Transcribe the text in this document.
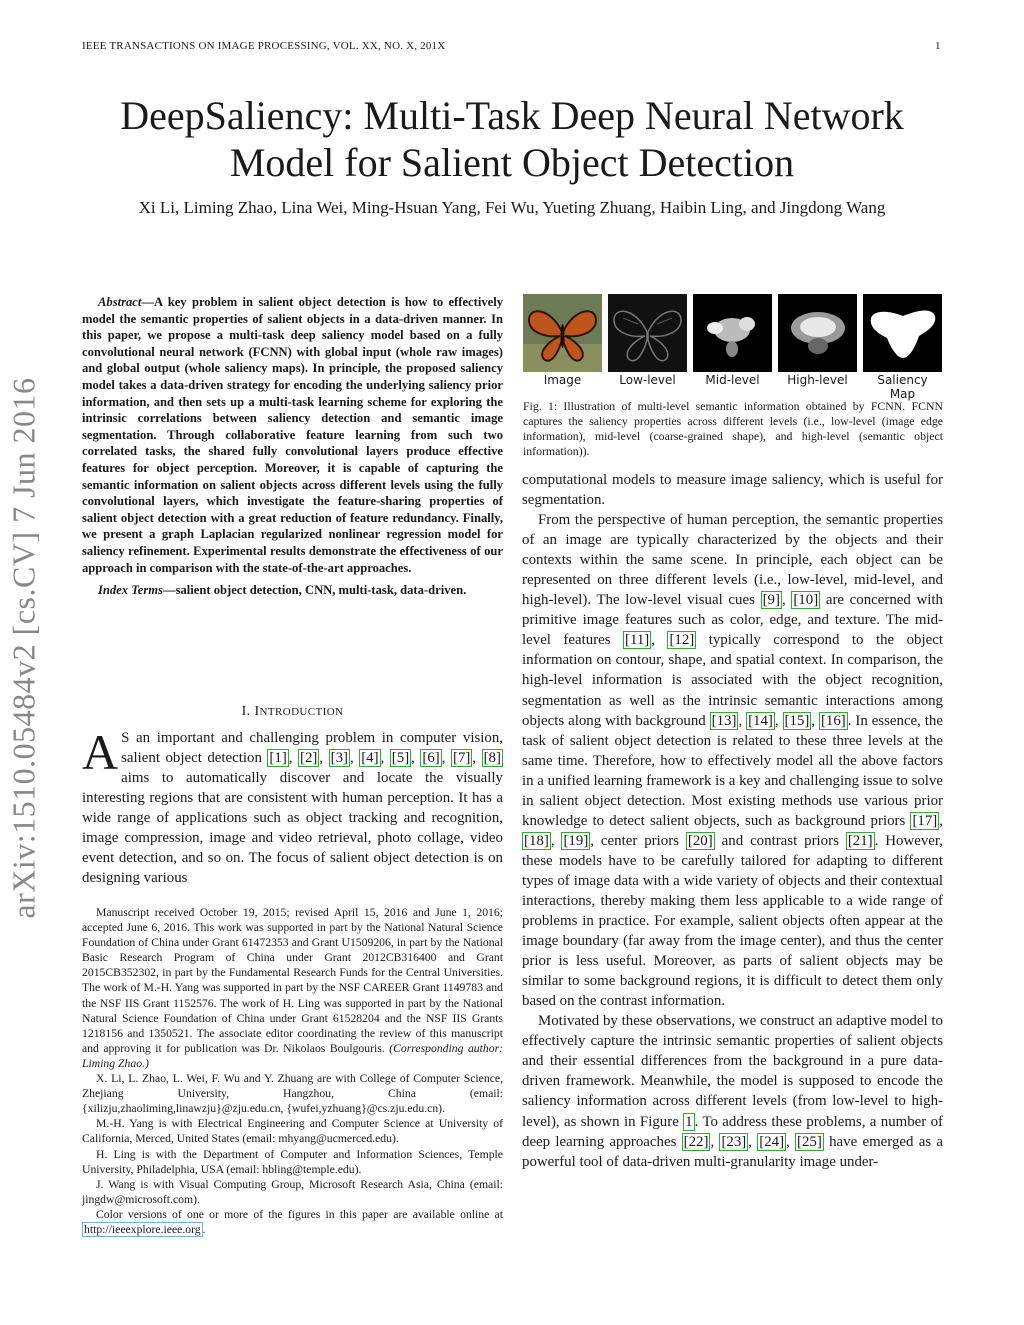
IEEE TRANSACTIONS ON IMAGE PROCESSING, VOL. XX, NO. X, 201X	1
DeepSaliency: Multi-Task Deep Neural Network
Model for Salient Object Detection
Xi Li, Liming Zhao, Lina Wei, Ming-Hsuan Yang, Fei Wu, Yueting Zhuang, Haibin Ling, and Jingdong Wang
arXiv:1510.05484v2 [cs.CV] 7 Jun 2016

Abstract—A key problem in salient object detection is how to effectively model the semantic properties of salient objects in a data-driven manner. In this paper, we propose a multi-task deep saliency model based on a fully convolutional neural network (FCNN) with global input (whole raw images) and global output (whole saliency maps). In principle, the proposed saliency model takes a data-driven strategy for encoding the underlying saliency prior information, and then sets up a multi-task learning scheme for exploring the intrinsic correlations between saliency detection and semantic image segmentation. Through collaborative feature learning from such two correlated tasks, the shared fully convolutional layers produce effective features for object perception. Moreover, it is capable of capturing the semantic information on salient objects across different levels using the fully convolutional layers, which investigate the feature-sharing properties of salient object detection with a great reduction of feature redundancy. Finally, we present a graph Laplacian regularized nonlinear regression model for saliency refinement. Experimental results demonstrate the effectiveness of our approach in comparison with the state-of-the-art approaches.

Index Terms—salient object detection, CNN, multi-task, data-driven.

I. INTRODUCTION

A S an important and challenging problem in computer vision, salient object detection [1] , [2] , [3] , [4] , [5] , [6] , [7] , [8] aims to automatically discover and locate the visually interesting regions that are consistent with human perception. It has a wide range of applications such as object tracking and recognition, image compression, image and video retrieval, photo collage, video event detection, and so on. The focus of salient object detection is on designing various

Manuscript received October 19, 2015; revised April 15, 2016 and June 1, 2016; accepted June 6, 2016. This work was supported in part by the National Natural Science Foundation of China under Grant 61472353 and Grant U1509206, in part by the National Basic Research Program of China under Grant 2012CB316400 and Grant 2015CB352302, in part by the Fundamental Research Funds for the Central Universities. The work of M.-H. Yang was supported in part by the NSF CAREER Grant 1149783 and the NSF IIS Grant 1152576. The work of H. Ling was supported in part by the National Natural Science Foundation of China under Grant 61528204 and the NSF IIS Grants 1218156 and 1350521. The associate editor coordinating the review of this manuscript and approving it for publication was Dr. Nikolaos Boulgouris. (Corresponding author: Liming Zhao.)

X. Li, L. Zhao, L. Wei, F. Wu and Y. Zhuang are with College of Computer Science, Zhejiang University, Hangzhou, China (email: {xilizju,zhaoliming,linawzju}@zju.edu.cn, {wufei,yzhuang}@cs.zju.edu.cn).

M.-H. Yang is with Electrical Engineering and Computer Science at University of California, Merced, United States (email: mhyang@ucmerced.edu).

H. Ling is with the Department of Computer and Information Sciences, Temple University, Philadelphia, USA (email: hbling@temple.edu).

J. Wang is with Visual Computing Group, Microsoft Research Asia, China (email: jingdw@microsoft.com).

Color versions of one or more of the figures in this paper are available online at http://ieeexplore.ieee.org .

Image	Low-level	Mid-level	High-level	Saliency Map
Fig. 1: Illustration of multi-level semantic information obtained by FCNN. FCNN captures the saliency properties across different levels (i.e., low-level (image edge information), mid-level (coarse-grained shape), and high-level (semantic object information)).

computational models to measure image saliency, which is useful for segmentation.

From the perspective of human perception, the semantic properties of an image are typically characterized by the objects and their contexts within the same scene. In principle, each object can be represented on three different levels (i.e., low-level, mid-level, and high-level). The low-level visual cues [9] , [10] are concerned with primitive image features such as color, edge, and texture. The mid-level features [11] , [12] typically correspond to the object information on contour, shape, and spatial context. In comparison, the high-level information is associated with the object recognition, segmentation as well as the intrinsic semantic interactions among objects along with background [13] , [14] , [15] , [16] . In essence, the task of salient object detection is related to these three levels at the same time. Therefore, how to effectively model all the above factors in a unified learning framework is a key and challenging issue to solve in salient object detection. Most existing methods use various prior knowledge to detect salient objects, such as background priors [17] , [18] , [19] , center priors [20] and contrast priors [21] . However, these models have to be carefully tailored for adapting to different types of image data with a wide variety of objects and their contextual interactions, thereby making them less applicable to a wide range of problems in practice. For example, salient objects often appear at the image boundary (far away from the image center), and thus the center prior is less useful. Moreover, as parts of salient objects may be similar to some background regions, it is difficult to detect them only based on the contrast information.

Motivated by these observations, we construct an adaptive model to effectively capture the intrinsic semantic properties of salient objects and their essential differences from the background in a pure data-driven framework. Meanwhile, the model is supposed to encode the saliency information across different levels (from low-level to high-level), as shown in Figure 1 . To address these problems, a number of deep learning approaches [22] , [23] , [24] , [25] have emerged as a powerful tool of data-driven multi-granularity image under-
